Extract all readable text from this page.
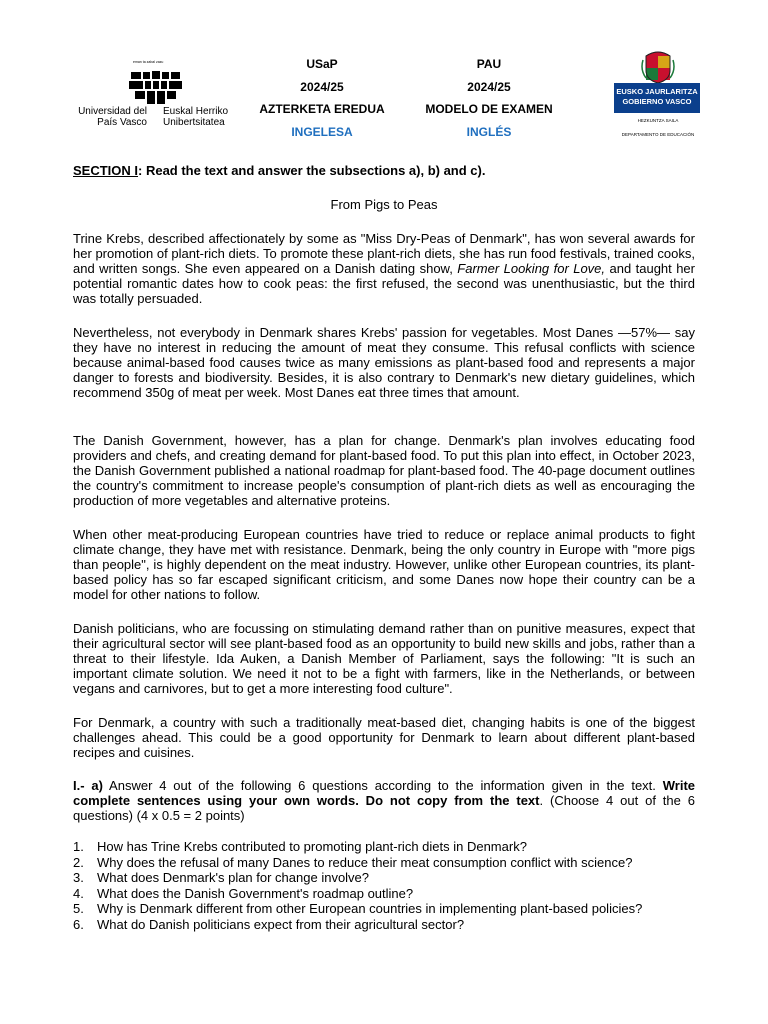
eman ta zabal zazu
Universidad del País Vasco
Euskal Herriko Unibertsitatea
USaP
2024/25
AZTERKETA EREDUA
INGELESA
PAU
2024/25
MODELO DE EXAMEN
INGLÉS
EUSKO JAURLARITZA
GOBIERNO VASCO
HEZKUNTZA SAILA
DEPARTAMENTO DE EDUCACIÓN
SECTION I: Read the text and answer the subsections a), b) and c).
From Pigs to Peas
Trine Krebs, described affectionately by some as "Miss Dry-Peas of Denmark", has won several awards for her promotion of plant-rich diets. To promote these plant-rich diets, she has run food festivals, trained cooks, and written songs. She even appeared on a Danish dating show, Farmer Looking for Love, and taught her potential romantic dates how to cook peas: the first refused, the second was unenthusiastic, but the third was totally persuaded.
Nevertheless, not everybody in Denmark shares Krebs' passion for vegetables. Most Danes —57%— say they have no interest in reducing the amount of meat they consume. This refusal conflicts with science because animal-based food causes twice as many emissions as plant-based food and represents a major danger to forests and biodiversity. Besides, it is also contrary to Denmark's new dietary guidelines, which recommend 350g of meat per week. Most Danes eat three times that amount.
The Danish Government, however, has a plan for change. Denmark's plan involves educating food providers and chefs, and creating demand for plant-based food. To put this plan into effect, in October 2023, the Danish Government published a national roadmap for plant-based food. The 40-page document outlines the country's commitment to increase people's consumption of plant-rich diets as well as encouraging the production of more vegetables and alternative proteins.
When other meat-producing European countries have tried to reduce or replace animal products to fight climate change, they have met with resistance. Denmark, being the only country in Europe with "more pigs than people", is highly dependent on the meat industry. However, unlike other European countries, its plant-based policy has so far escaped significant criticism, and some Danes now hope their country can be a model for other nations to follow.
Danish politicians, who are focussing on stimulating demand rather than on punitive measures, expect that their agricultural sector will see plant-based food as an opportunity to build new skills and jobs, rather than a threat to their lifestyle. Ida Auken, a Danish Member of Parliament, says the following: "It is such an important climate solution. We need it not to be a fight with farmers, like in the Netherlands, or between vegans and carnivores, but to get a more interesting food culture".
For Denmark, a country with such a traditionally meat-based diet, changing habits is one of the biggest challenges ahead. This could be a good opportunity for Denmark to learn about different plant-based recipes and cuisines.
I.- a) Answer 4 out of the following 6 questions according to the information given in the text. Write complete sentences using your own words. Do not copy from the text. (Choose 4 out of the 6 questions) (4 x 0.5 = 2 points)
1. How has Trine Krebs contributed to promoting plant-rich diets in Denmark?
2. Why does the refusal of many Danes to reduce their meat consumption conflict with science?
3. What does Denmark's plan for change involve?
4. What does the Danish Government's roadmap outline?
5. Why is Denmark different from other European countries in implementing plant-based policies?
6. What do Danish politicians expect from their agricultural sector?
